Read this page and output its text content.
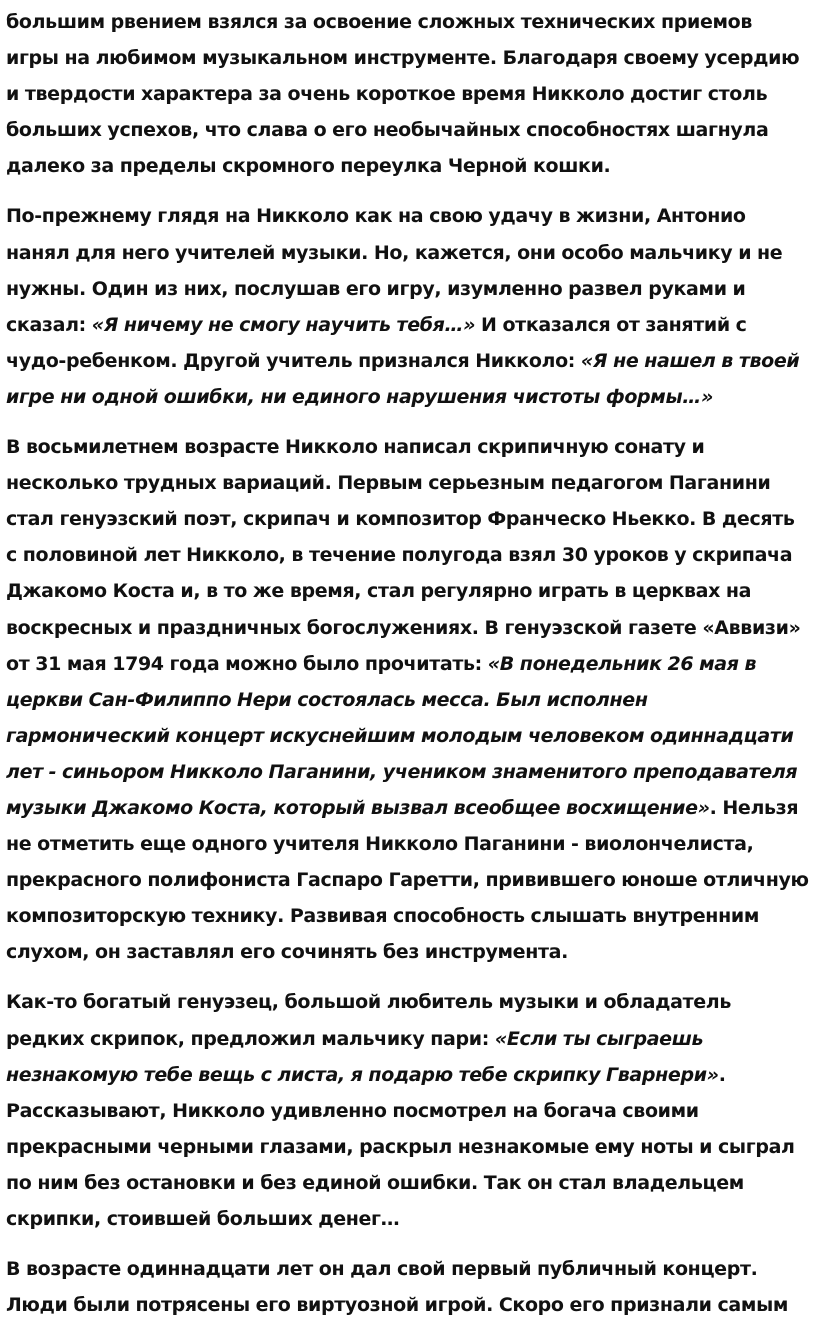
большим рвением взялся за освоение сложных технических приемов игры на любимом музыкальном инструменте. Благодаря своему усердию и твердости характера за очень короткое время Никколо достиг столь больших успехов, что слава о его необычайных способностях шагнула далеко за пределы скромного переулка Черной кошки.

По-прежнему глядя на Никколо как на свою удачу в жизни, Антонио нанял для него учителей музыки. Но, кажется, они особо мальчику и не нужны. Один из них, послушав его игру, изумленно развел руками и сказал: «Я ничему не смогу научить тебя…» И отказался от занятий с чудо-ребенком. Другой учитель признался Никколо: «Я не нашел в твоей игре ни одной ошибки, ни единого нарушения чистоты формы…»

В восьмилетнем возрасте Никколо написал скрипичную сонату и несколько трудных вариаций. Первым серьезным педагогом Паганини стал генуэзский поэт, скрипач и композитор Франческо Ньекко. В десять с половиной лет Никколо, в течение полугода взял 30 уроков у скрипача Джакомо Коста и, в то же время, стал регулярно играть в церквах на воскресных и праздничных богослужениях. В генуэзской газете «Аввизи» от 31 мая 1794 года можно было прочитать: «В понедельник 26 мая в церкви Сан-Филиппо Нери состоялась месса. Был исполнен гармонический концерт искуснейшим молодым человеком одиннадцати лет - синьором Никколо Паганини, учеником знаменитого преподавателя музыки Джакомо Коста, который вызвал всеобщее восхищение». Нельзя не отметить еще одного учителя Никколо Паганини - виолончелиста, прекрасного полифониста Гаспаро Гаретти, привившего юноше отличную композиторскую технику. Развивая способность слышать внутренним слухом, он заставлял его сочинять без инструмента.

Как-то богатый генуэзец, большой любитель музыки и обладатель редких скрипок, предложил мальчику пари: «Если ты сыграешь незнакомую тебе вещь с листа, я подарю тебе скрипку Гварнери». Рассказывают, Никколо удивленно посмотрел на богача своими прекрасными черными глазами, раскрыл незнакомые ему ноты и сыграл по ним без остановки и без единой ошибки. Так он стал владельцем скрипки, стоившей больших денег…

В возрасте одиннадцати лет он дал свой первый публичный концерт. Люди были потрясены его виртуозной игрой. Скоро его признали самым
